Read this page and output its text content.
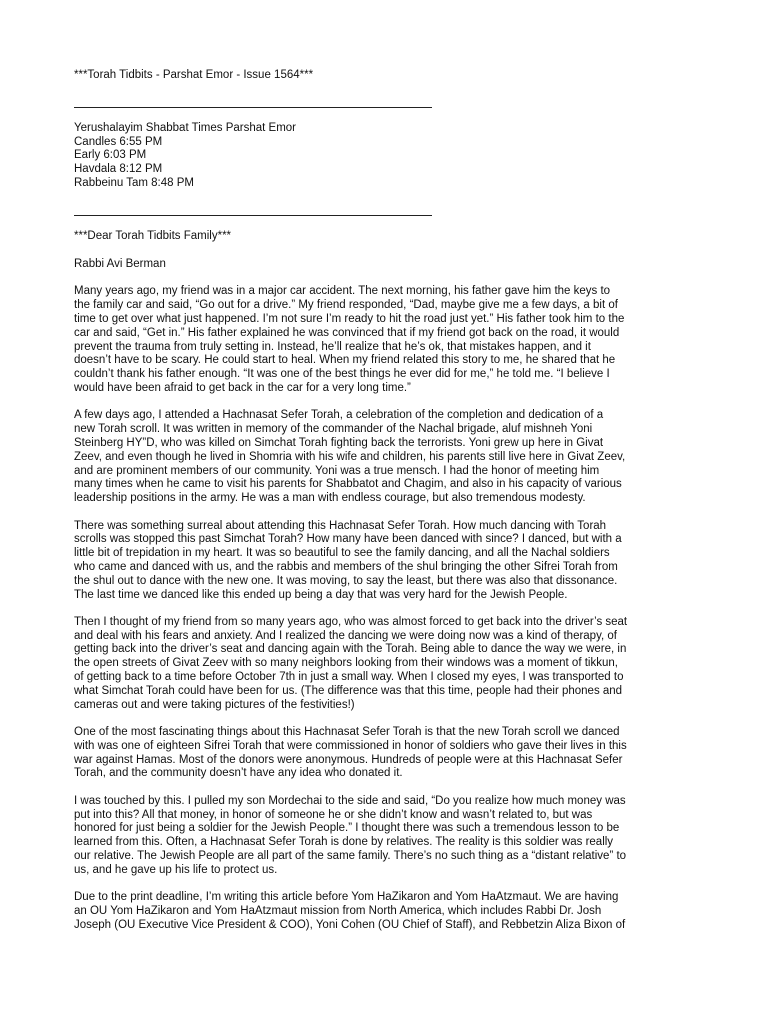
***Torah Tidbits - Parshat Emor - Issue 1564***
Yerushalayim Shabbat Times Parshat Emor
Candles 6:55 PM
Early 6:03 PM
Havdala 8:12 PM
Rabbeinu Tam 8:48 PM
***Dear Torah Tidbits Family***
Rabbi Avi Berman

Many years ago, my friend was in a major car accident. The next morning, his father gave him the keys to
the family car and said, “Go out for a drive.” My friend responded, “Dad, maybe give me a few days, a bit of
time to get over what just happened. I’m not sure I’m ready to hit the road just yet.” His father took him to the
car and said, “Get in.” His father explained he was convinced that if my friend got back on the road, it would
prevent the trauma from truly setting in. Instead, he’ll realize that he’s ok, that mistakes happen, and it
doesn’t have to be scary. He could start to heal. When my friend related this story to me, he shared that he
couldn’t thank his father enough. “It was one of the best things he ever did for me,” he told me. “I believe I
would have been afraid to get back in the car for a very long time.”

A few days ago, I attended a Hachnasat Sefer Torah, a celebration of the completion and dedication of a
new Torah scroll. It was written in memory of the commander of the Nachal brigade, aluf mishneh Yoni
Steinberg HY”D, who was killed on Simchat Torah fighting back the terrorists. Yoni grew up here in Givat
Zeev, and even though he lived in Shomria with his wife and children, his parents still live here in Givat Zeev,
and are prominent members of our community. Yoni was a true mensch. I had the honor of meeting him
many times when he came to visit his parents for Shabbatot and Chagim, and also in his capacity of various
leadership positions in the army. He was a man with endless courage, but also tremendous modesty.

There was something surreal about attending this Hachnasat Sefer Torah. How much dancing with Torah
scrolls was stopped this past Simchat Torah? How many have been danced with since? I danced, but with a
little bit of trepidation in my heart. It was so beautiful to see the family dancing, and all the Nachal soldiers
who came and danced with us, and the rabbis and members of the shul bringing the other Sifrei Torah from
the shul out to dance with the new one. It was moving, to say the least, but there was also that dissonance.
The last time we danced like this ended up being a day that was very hard for the Jewish People.

Then I thought of my friend from so many years ago, who was almost forced to get back into the driver’s seat
and deal with his fears and anxiety. And I realized the dancing we were doing now was a kind of therapy, of
getting back into the driver’s seat and dancing again with the Torah. Being able to dance the way we were, in
the open streets of Givat Zeev with so many neighbors looking from their windows was a moment of tikkun,
of getting back to a time before October 7th in just a small way. When I closed my eyes, I was transported to
what Simchat Torah could have been for us. (The difference was that this time, people had their phones and
cameras out and were taking pictures of the festivities!)

One of the most fascinating things about this Hachnasat Sefer Torah is that the new Torah scroll we danced
with was one of eighteen Sifrei Torah that were commissioned in honor of soldiers who gave their lives in this
war against Hamas. Most of the donors were anonymous. Hundreds of people were at this Hachnasat Sefer
Torah, and the community doesn’t have any idea who donated it.

I was touched by this. I pulled my son Mordechai to the side and said, “Do you realize how much money was
put into this? All that money, in honor of someone he or she didn’t know and wasn’t related to, but was
honored for just being a soldier for the Jewish People.” I thought there was such a tremendous lesson to be
learned from this. Often, a Hachnasat Sefer Torah is done by relatives. The reality is this soldier was really
our relative. The Jewish People are all part of the same family. There’s no such thing as a “distant relative” to
us, and he gave up his life to protect us.

Due to the print deadline, I’m writing this article before Yom HaZikaron and Yom HaAtzmaut. We are having
an OU Yom HaZikaron and Yom HaAtzmaut mission from North America, which includes Rabbi Dr. Josh
Joseph (OU Executive Vice President & COO), Yoni Cohen (OU Chief of Staff), and Rebbetzin Aliza Bixon of
